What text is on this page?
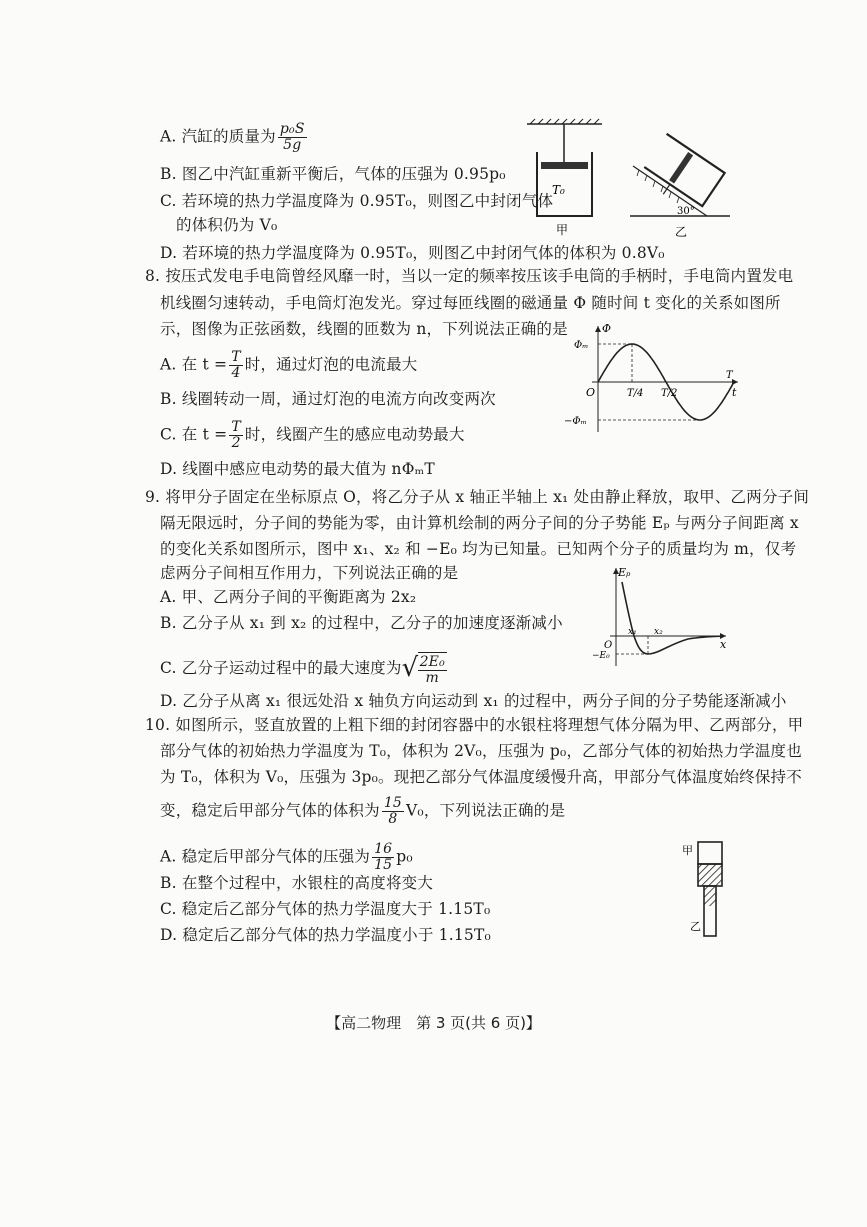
A. 汽缸的质量为 $\frac{\text{p₀S}}{5g}$
B. 图乙中汽缸重新平衡后，气体的压强为 0.95p₀
C. 若环境的热力学温度降为 0.95T₀，则图乙中封闭气体
的体积仍为 V₀
D. 若环境的热力学温度降为 0.95T₀，则图乙中封闭气体的体积为 0.8V₀
T₀
甲
30°
乙
8. 按压式发电手电筒曾经风靡一时，当以一定的频率按压该手电筒的手柄时，手电筒内置发电
机线圈匀速转动，手电筒灯泡发光。穿过每匝线圈的磁通量 Φ 随时间 t 变化的关系如图所
示，图像为正弦函数，线圈的匝数为 n，下列说法正确的是
A. 在 $t = \frac{T}{4}$ 时，通过灯泡的电流最大
B. 线圈转动一周，通过灯泡的电流方向改变两次
C. 在 $t = \frac{T}{2}$ 时，线圈产生的感应电动势最大
D. 线圈中感应电动势的最大值为 nΦₘT
Φ
t
Φₘ
−Φₘ
O	T/4 T/2
T
9. 将甲分子固定在坐标原点 O，将乙分子从 x 轴正半轴上 x₁ 处由静止释放，取甲、乙两分子间
隔无限远时，分子间的势能为零，由计算机绘制的两分子间的分子势能 Eₚ 与两分子间距离 x
的变化关系如图所示，图中 x₁、x₂ 和 −E₀ 均为已知量。已知两个分子的质量均为 m，仅考
虑两分子间相互作用力，下列说法正确的是
A. 甲、乙两分子间的平衡距离为 2x₂
B. 乙分子从 x₁ 到 x₂ 的过程中，乙分子的加速度逐渐减小
C. 乙分子运动过程中的最大速度为 √ $\frac{\text{2E₀}}{m}$
D. 乙分子从离 x₁ 很远处沿 x 轴负方向运动到 x₁ 的过程中，两分子间的分子势能逐渐减小
Eₚ
x
O
x₁ x₂
−E₀
10. 如图所示，竖直放置的上粗下细的封闭容器中的水银柱将理想气体分隔为甲、乙两部分，甲
部分气体的初始热力学温度为 T₀，体积为 2V₀，压强为 p₀，乙部分气体的初始热力学温度也
为 T₀，体积为 V₀，压强为 3p₀。现把乙部分气体温度缓慢升高，甲部分气体温度始终保持不
变，稳定后甲部分气体的体积为 $\frac{15}{8} V_0$，下列说法正确的是
A. 稳定后甲部分气体的压强为 $\frac{16}{15} p_0$
B. 在整个过程中，水银柱的高度将变大
C. 稳定后乙部分气体的热力学温度大于 1.15T₀
D. 稳定后乙部分气体的热力学温度小于 1.15T₀
甲
乙
【高二物理　第 3 页(共 6 页)】
